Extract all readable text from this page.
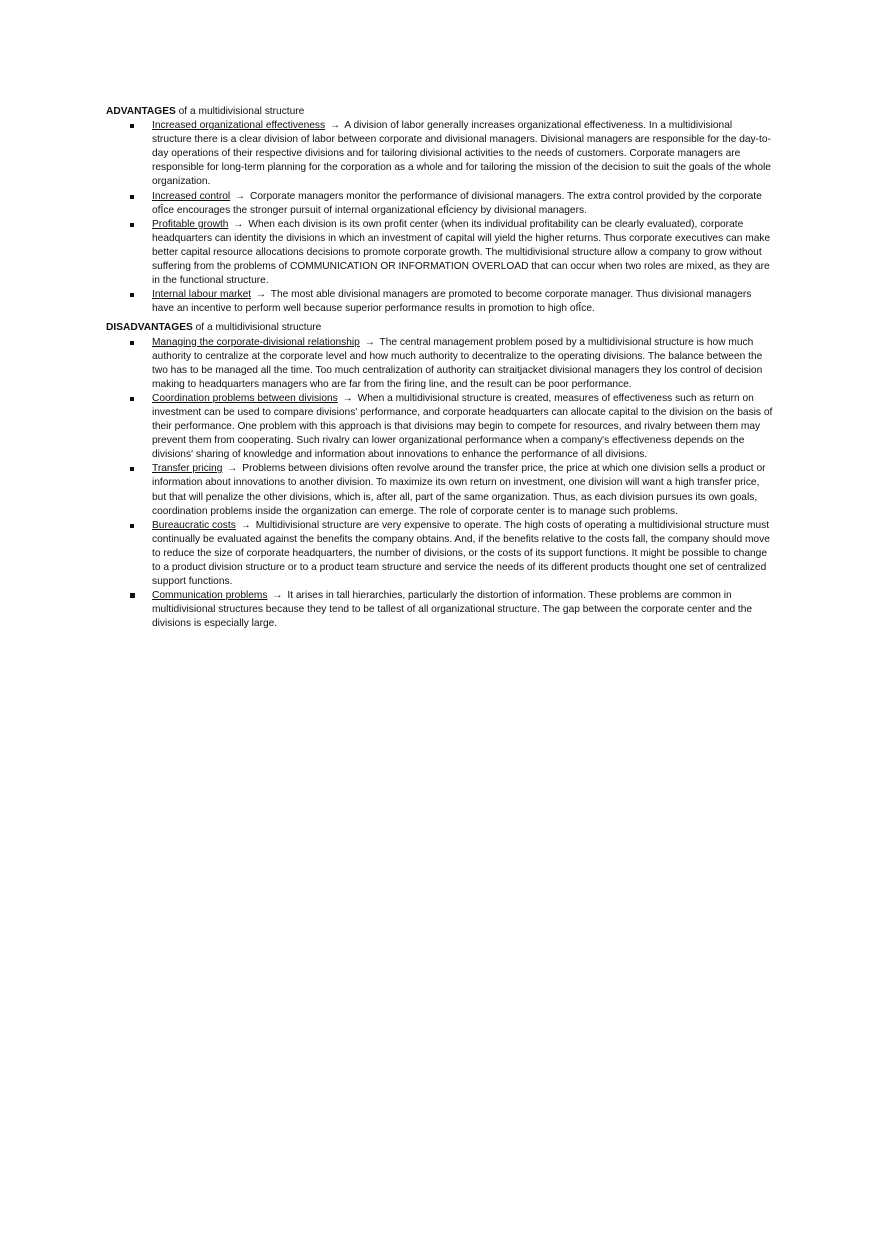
ADVANTAGES of a multidivisional structure

Increased organizational effectiveness → A division of labor generally increases organizational effectiveness. In a multidivisional structure there is a clear division of labor between corporate and divisional managers. Divisional managers are responsible for the day-to-day operations of their respective divisions and for tailoring divisional activities to the needs of customers. Corporate managers are responsible for long-term planning for the corporation as a whole and for tailoring the mission of the decision to suit the goals of the whole organization.
Increased control → Corporate managers monitor the performance of divisional managers. The extra control provided by the corporate ofÎce encourages the stronger pursuit of internal organizational efÎciency by divisional managers.
Profitable growth → When each division is its own profit center (when its individual profitability can be clearly evaluated), corporate headquarters can identity the divisions in which an investment of capital will yield the higher returns. Thus corporate executives can make better capital resource allocations decisions to promote corporate growth. The multidivisional structure allow a company to grow without suffering from the problems of COMMUNICATION OR INFORMATION OVERLOAD that can occur when two roles are mixed, as they are in the functional structure.
Internal labour market → The most able divisional managers are promoted to become corporate manager. Thus divisional managers have an incentive to perform well because superior performance results in promotion to high ofÎce.

DISADVANTAGES of a multidivisional structure

Managing the corporate-divisional relationship → The central management problem posed by a multidivisional structure is how much authority to centralize at the corporate level and how much authority to decentralize to the operating divisions. The balance between the two has to be managed all the time. Too much centralization of authority can straitjacket divisional managers they los control of decision making to headquarters managers who are far from the firing line, and the result can be poor performance.
Coordination problems between divisions → When a multidivisional structure is created, measures of effectiveness such as return on investment can be used to compare divisions' performance, and corporate headquarters can allocate capital to the division on the basis of their performance. One problem with this approach is that divisions may begin to compete for resources, and rivalry between them may prevent them from cooperating. Such rivalry can lower organizational performance when a company's effectiveness depends on the divisions' sharing of knowledge and information about innovations to enhance the performance of all divisions.
Transfer pricing → Problems between divisions often revolve around the transfer price, the price at which one division sells a product or information about innovations to another division. To maximize its own return on investment, one division will want a high transfer price, but that will penalize the other divisions, which is, after all, part of the same organization. Thus, as each division pursues its own goals, coordination problems inside the organization can emerge. The role of corporate center is to manage such problems.
Bureaucratic costs → Multidivisional structure are very expensive to operate. The high costs of operating a multidivisional structure must continually be evaluated against the benefits the company obtains. And, if the benefits relative to the costs fall, the company should move to reduce the size of corporate headquarters, the number of divisions, or the costs of its support functions. It might be possible to change to a product division structure or to a product team structure and service the needs of its different products thought one set of centralized support functions.
Communication problems → It arises in tall hierarchies, particularly the distortion of information. These problems are common in multidivisional structures because they tend to be tallest of all organizational structure. The gap between the corporate center and the divisions is especially large.
